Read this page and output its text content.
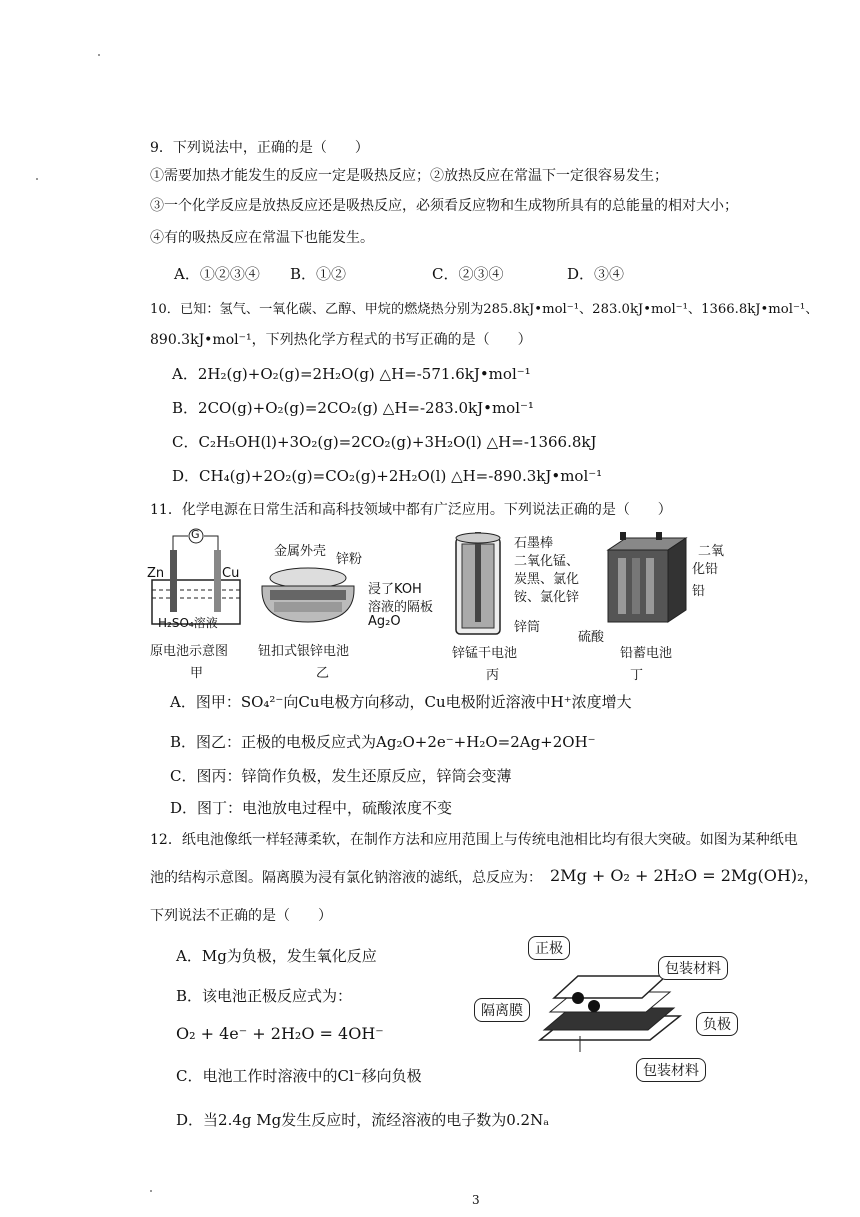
9．下列说法中，正确的是（　　）
①需要加热才能发生的反应一定是吸热反应；②放热反应在常温下一定很容易发生；
③一个化学反应是放热反应还是吸热反应，必须看反应物和生成物所具有的总能量的相对大小；
④有的吸热反应在常温下也能发生。
A．①②③④ B．①②	C．②③④	D．③④
10．已知：氢气、一氧化碳、乙醇、甲烷的燃烧热分别为285.8kJ•mol⁻¹、283.0kJ•mol⁻¹、1366.8kJ•mol⁻¹、
890.3kJ•mol⁻¹，下列热化学方程式的书写正确的是（　　）
A．2H₂(g)+O₂(g)=2H₂O(g) △H=-571.6kJ•mol⁻¹
B．2CO(g)+O₂(g)=2CO₂(g) △H=-283.0kJ•mol⁻¹
C．C₂H₅OH(l)+3O₂(g)=2CO₂(g)+3H₂O(l) △H=-1366.8kJ
D．CH₄(g)+2O₂(g)=CO₂(g)+2H₂O(l) △H=-890.3kJ•mol⁻¹
11．化学电源在日常生活和高科技领域中都有广泛应用。下列说法正确的是（　　）
G
Zn	Cu
H₂SO₄溶液
原电池示意图
甲
金属外壳
锌粉
浸了KOH
溶液的隔板
Ag₂O
钮扣式银锌电池
乙
石墨棒
二氧化锰、
炭黑、氯化
铵、氯化锌
锌筒
锌锰干电池
丙
二氧
化铅
铅
硫酸
铅蓄电池
丁
A．图甲：SO₄²⁻向Cu电极方向移动，Cu电极附近溶液中H⁺浓度增大
B．图乙：正极的电极反应式为Ag₂O+2e⁻+H₂O=2Ag+2OH⁻
C．图丙：锌筒作负极，发生还原反应，锌筒会变薄
D．图丁：电池放电过程中，硫酸浓度不变
12．纸电池像纸一样轻薄柔软，在制作方法和应用范围上与传统电池相比均有很大突破。如图为某种纸电
池的结构示意图。隔离膜为浸有氯化钠溶液的滤纸，总反应为： 2Mg + O₂ + 2H₂O = 2Mg(OH)₂，
下列说法不正确的是（　　）
A．Mg为负极，发生氧化反应
B．该电池正极反应式为：
O₂ + 4e⁻ + 2H₂O = 4OH⁻
C．电池工作时溶液中的Cl⁻移向负极
D．当2.4g Mg发生反应时，流经溶液的电子数为0.2Nₐ
正极
包装材料
隔离膜
负极
包装材料
3
